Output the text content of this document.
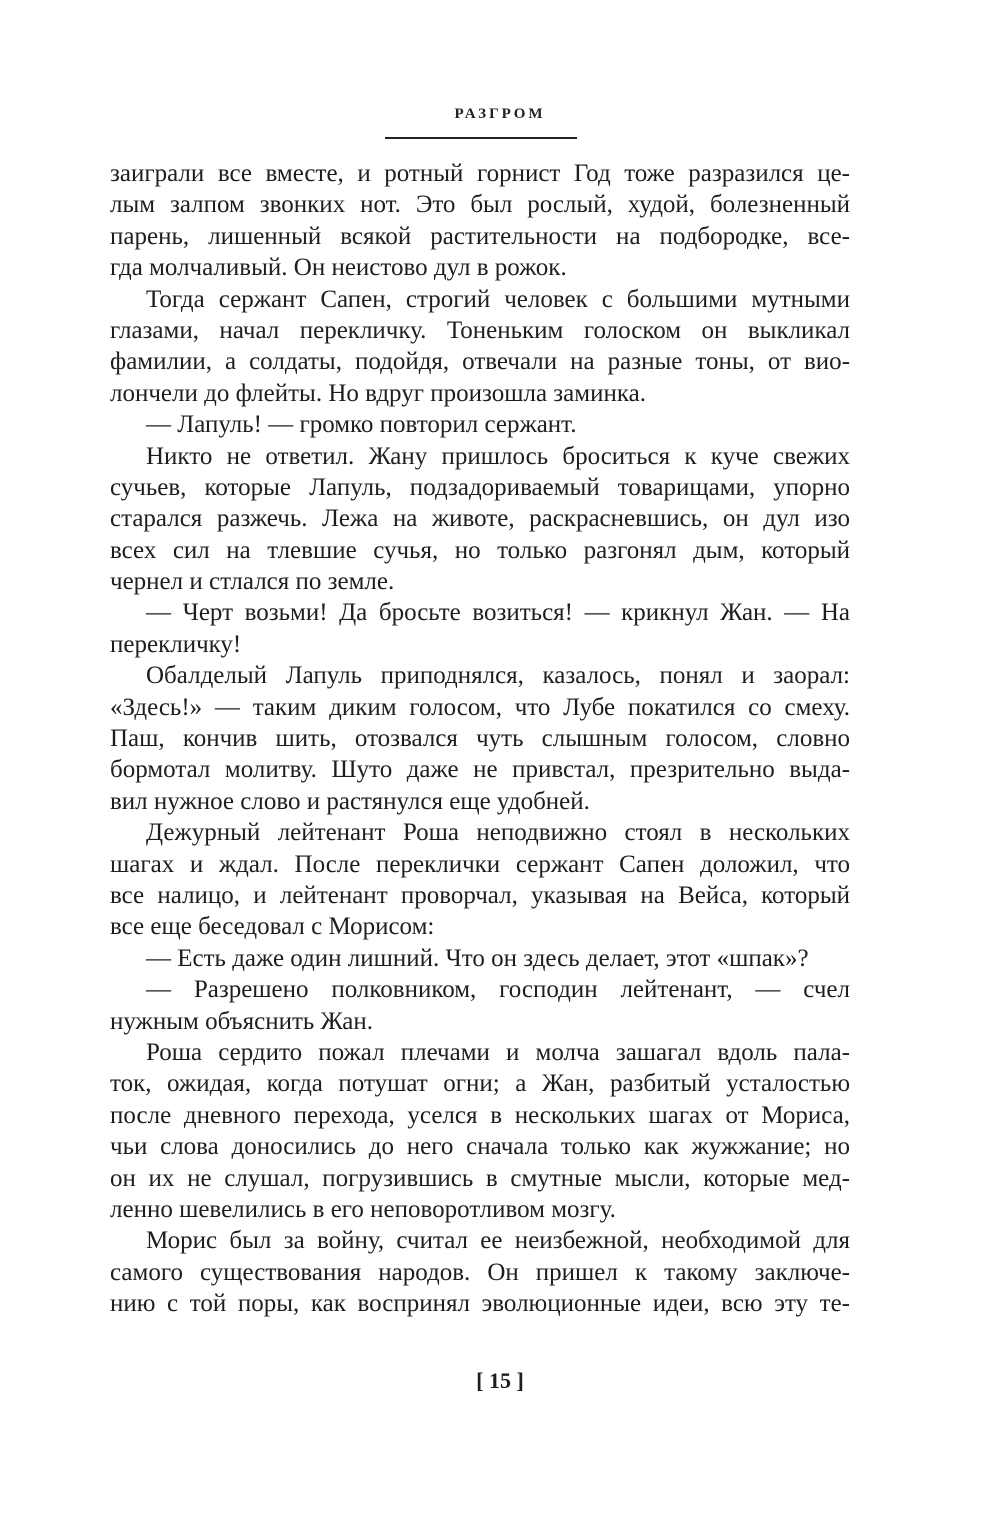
РАЗГРОМ
заиграли все вместе, и ротный горнист Год тоже разразился це-
лым залпом звонких нот. Это был рослый, худой, болезненный
парень, лишенный всякой растительности на подбородке, все-
гда молчаливый. Он неистово дул в рожок.
Тогда сержант Сапен, строгий человек с большими мутными
глазами, начал перекличку. Тоненьким голоском он выкликал
фамилии, а солдаты, подойдя, отвечали на разные тоны, от вио-
лончели до флейты. Но вдруг произошла заминка.
— Лапуль! — громко повторил сержант.
Никто не ответил. Жану пришлось броситься к куче свежих
сучьев, которые Лапуль, подзадориваемый товарищами, упорно
старался разжечь. Лежа на животе, раскрасневшись, он дул изо
всех сил на тлевшие сучья, но только разгонял дым, который
чернел и стлался по земле.
— Черт возьми! Да бросьте возиться! — крикнул Жан. — На
перекличку!
Обалделый Лапуль приподнялся, казалось, понял и заорал:
«Здесь!» — таким диким голосом, что Лубе покатился со смеху.
Паш, кончив шить, отозвался чуть слышным голосом, словно
бормотал молитву. Шуто даже не привстал, презрительно выда-
вил нужное слово и растянулся еще удобней.
Дежурный лейтенант Роша неподвижно стоял в нескольких
шагах и ждал. После переклички сержант Сапен доложил, что
все налицо, и лейтенант проворчал, указывая на Вейса, который
все еще беседовал с Морисом:
— Есть даже один лишний. Что он здесь делает, этот «шпак»?
— Разрешено полковником, господин лейтенант, — счел
нужным объяснить Жан.
Роша сердито пожал плечами и молча зашагал вдоль пала-
ток, ожидая, когда потушат огни; а Жан, разбитый усталостью
после дневного перехода, уселся в нескольких шагах от Мориса,
чьи слова доносились до него сначала только как жужжание; но
он их не слушал, погрузившись в смутные мысли, которые мед-
ленно шевелились в его неповоротливом мозгу.
Морис был за войну, считал ее неизбежной, необходимой для
самого существования народов. Он пришел к такому заключе-
нию с той поры, как воспринял эволюционные идеи, всю эту те-
[ 15 ]
